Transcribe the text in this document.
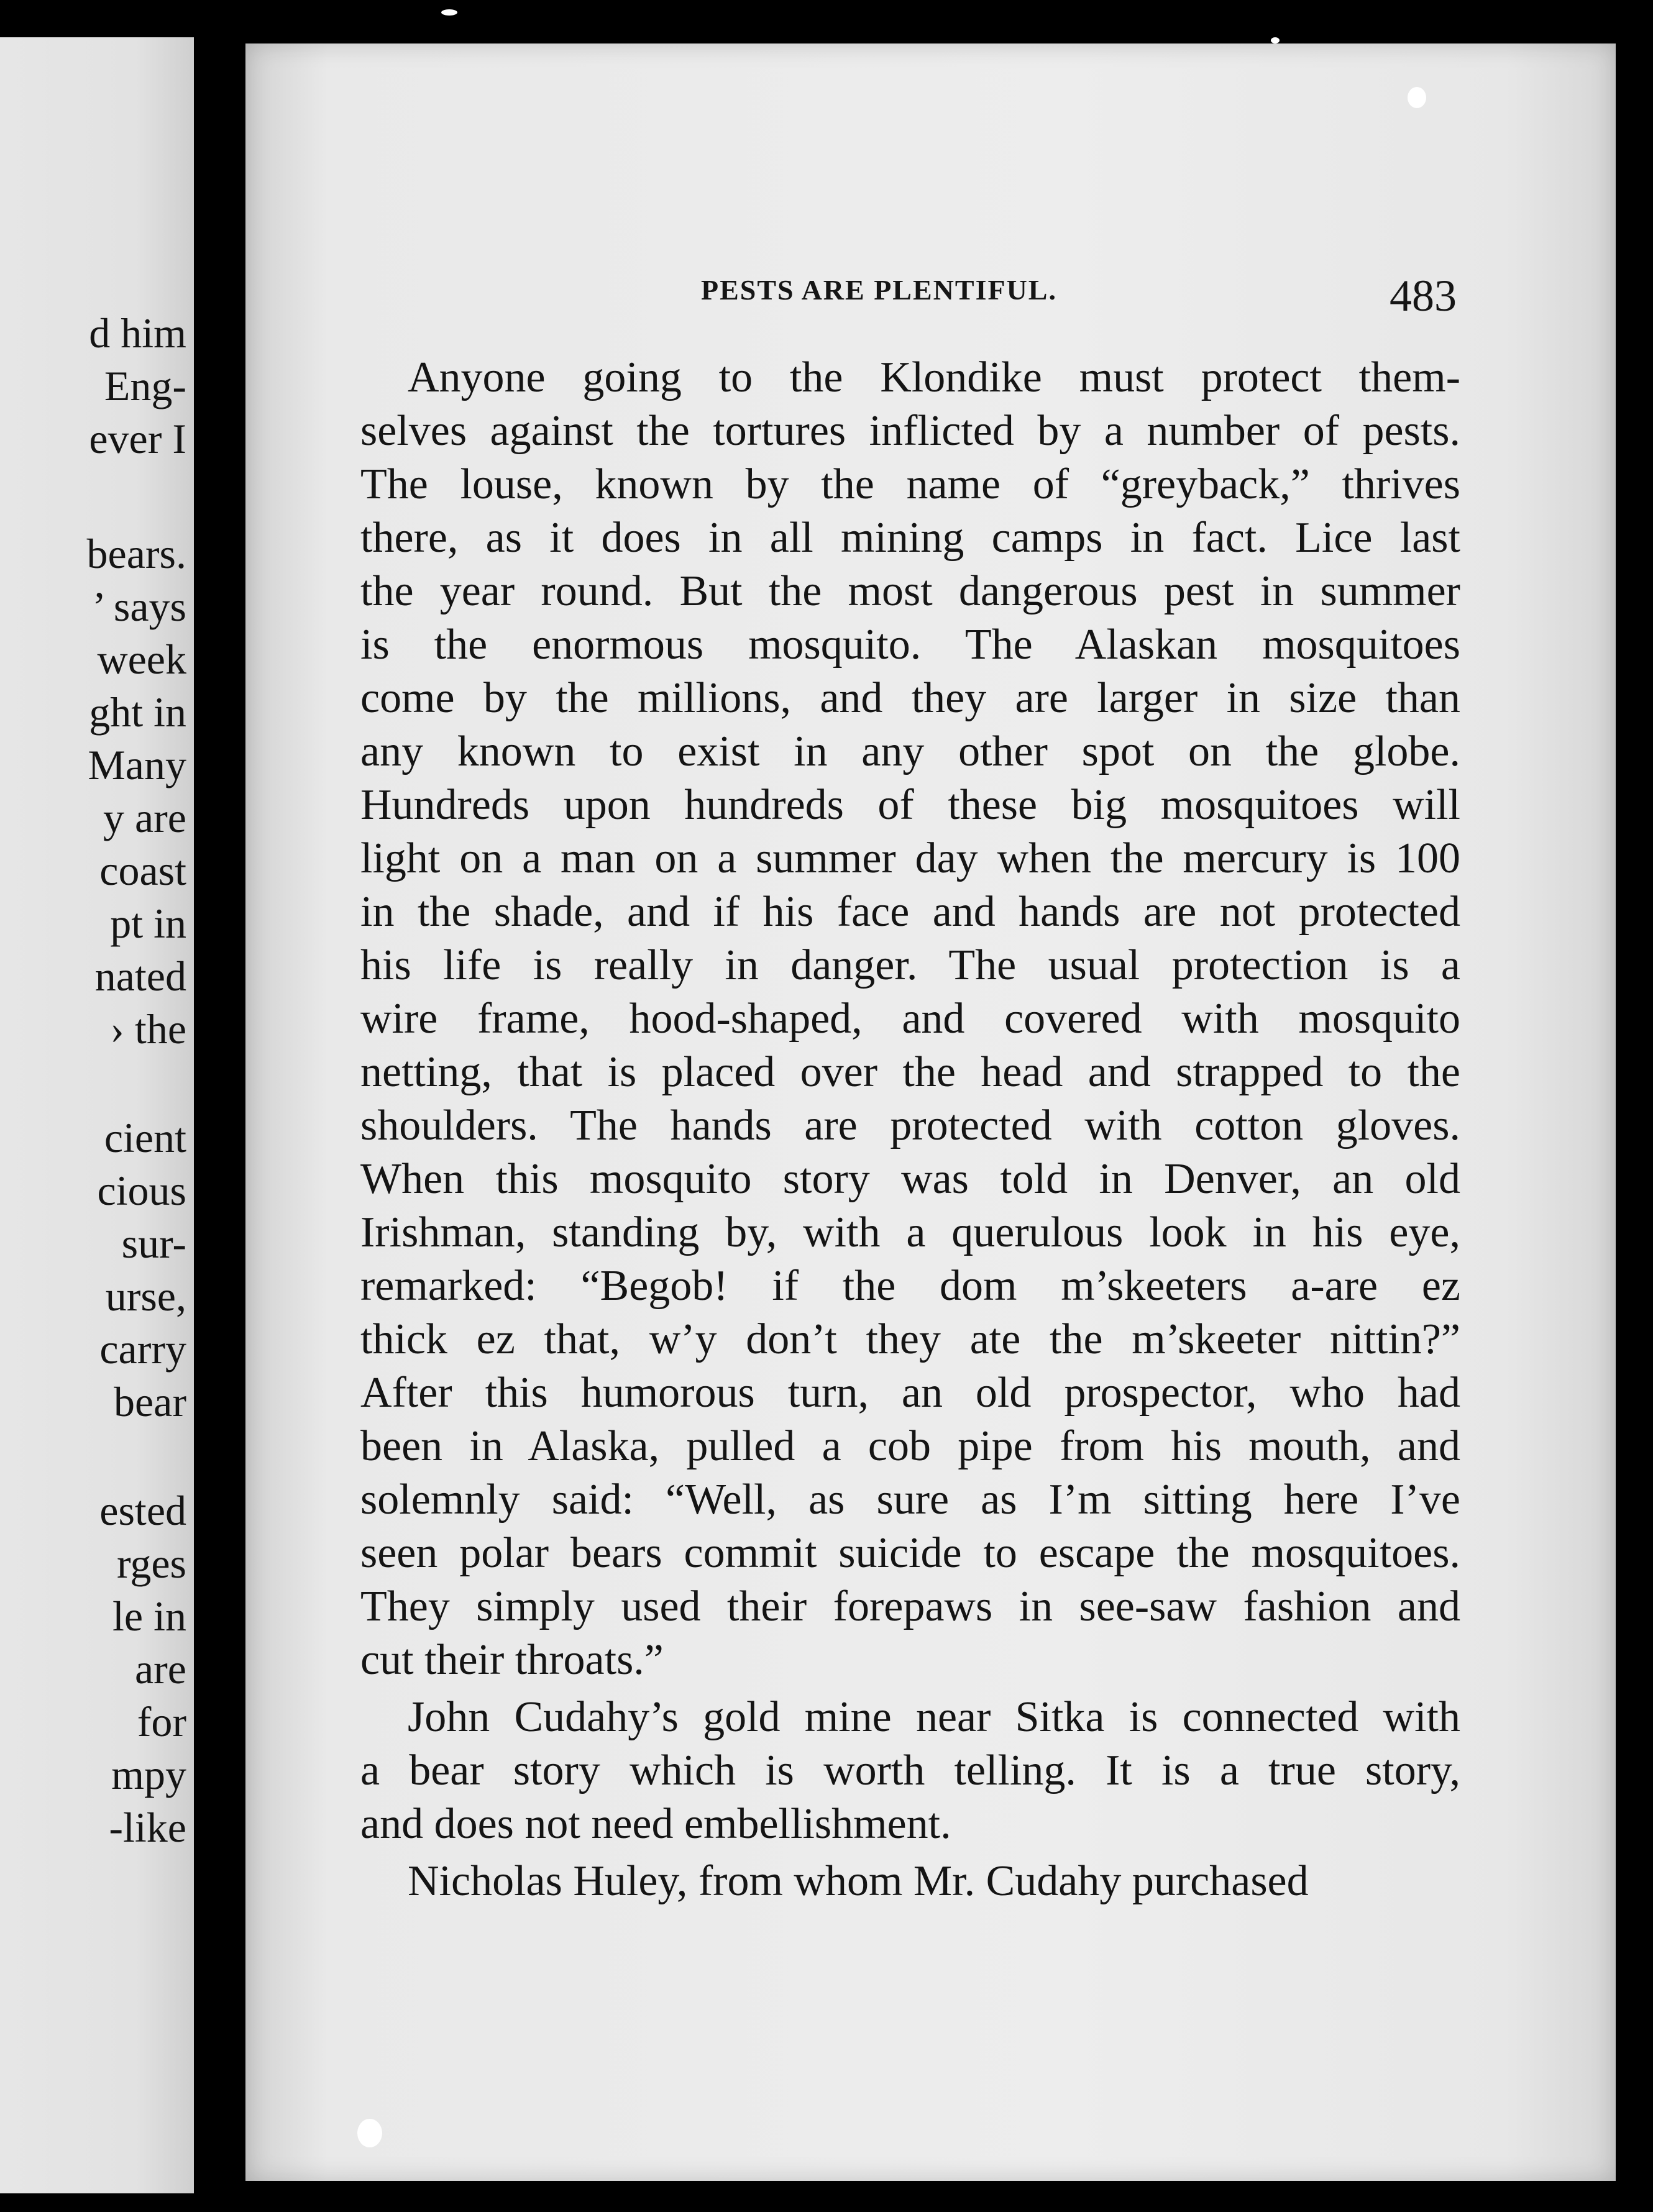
d him
Eng-
ever I
bears.
’ says
week
ght in
Many
y are
coast
pt in
nated
› the
cient
cious
sur-
urse,
carry
bear
ested
rges
le in
are
for
mpy
-like
PESTS ARE PLENTIFUL.	483
Anyone going to the Klondike must protect them-
selves against the tortures inflicted by a number of pests.
The louse, known by the name of “greyback,” thrives
there, as it does in all mining camps in fact. Lice last
the year round. But the most dangerous pest in summer
is the enormous mosquito. The Alaskan mosquitoes
come by the millions, and they are larger in size than
any known to exist in any other spot on the globe.
Hundreds upon hundreds of these big mosquitoes will
light on a man on a summer day when the mercury is 100
in the shade, and if his face and hands are not protected
his life is really in danger. The usual protection is a
wire frame, hood-shaped, and covered with mosquito
netting, that is placed over the head and strapped to the
shoulders. The hands are protected with cotton gloves.
When this mosquito story was told in Denver, an old
Irishman, standing by, with a querulous look in his eye,
remarked: “Begob! if the dom m’skeeters a-are ez
thick ez that, w’y don’t they ate the m’skeeter nittin?”
After this humorous turn, an old prospector, who had
been in Alaska, pulled a cob pipe from his mouth, and
solemnly said: “Well, as sure as I’m sitting here I’ve
seen polar bears commit suicide to escape the mosquitoes.
They simply used their forepaws in see-saw fashion and
cut their throats.”
John Cudahy’s gold mine near Sitka is connected with
a bear story which is worth telling. It is a true story,
and does not need embellishment.
Nicholas Huley, from whom Mr. Cudahy purchased
